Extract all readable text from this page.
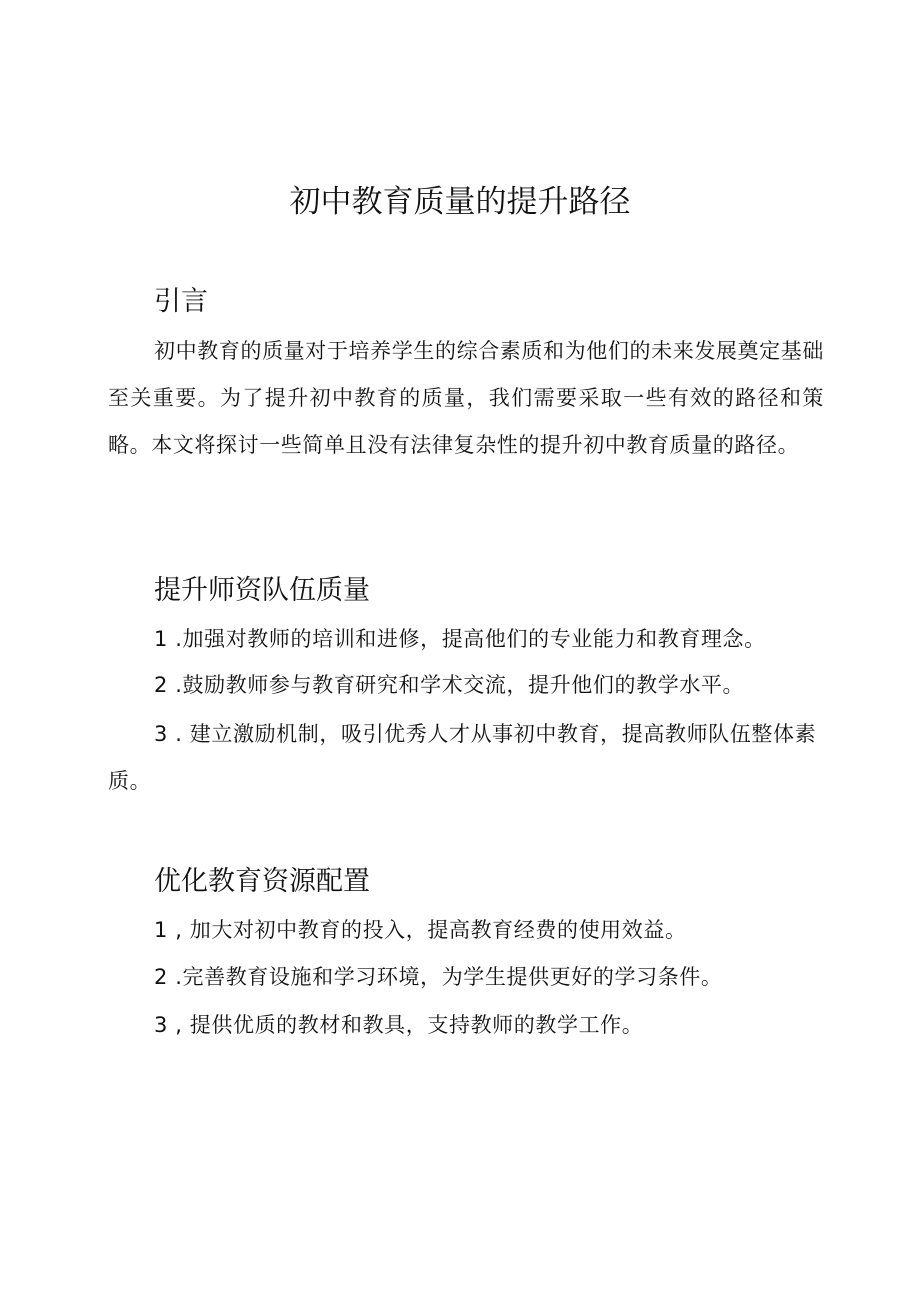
初中教育质量的提升路径
引言

初中教育的质量对于培养学生的综合素质和为他们的未来发展奠定基础至关重要。为了提升初中教育的质量，我们需要采取一些有效的路径和策略。本文将探讨一些简单且没有法律复杂性的提升初中教育质量的路径。

提升师资队伍质量

1 .加强对教师的培训和进修，提高他们的专业能力和教育理念。

2 .鼓励教师参与教育研究和学术交流，提升他们的教学水平。

3 . 建立激励机制，吸引优秀人才从事初中教育，提高教师队伍整体素质。

优化教育资源配置

1 , 加大对初中教育的投入，提高教育经费的使用效益。

2 .完善教育设施和学习环境，为学生提供更好的学习条件。

3 , 提供优质的教材和教具，支持教师的教学工作。
